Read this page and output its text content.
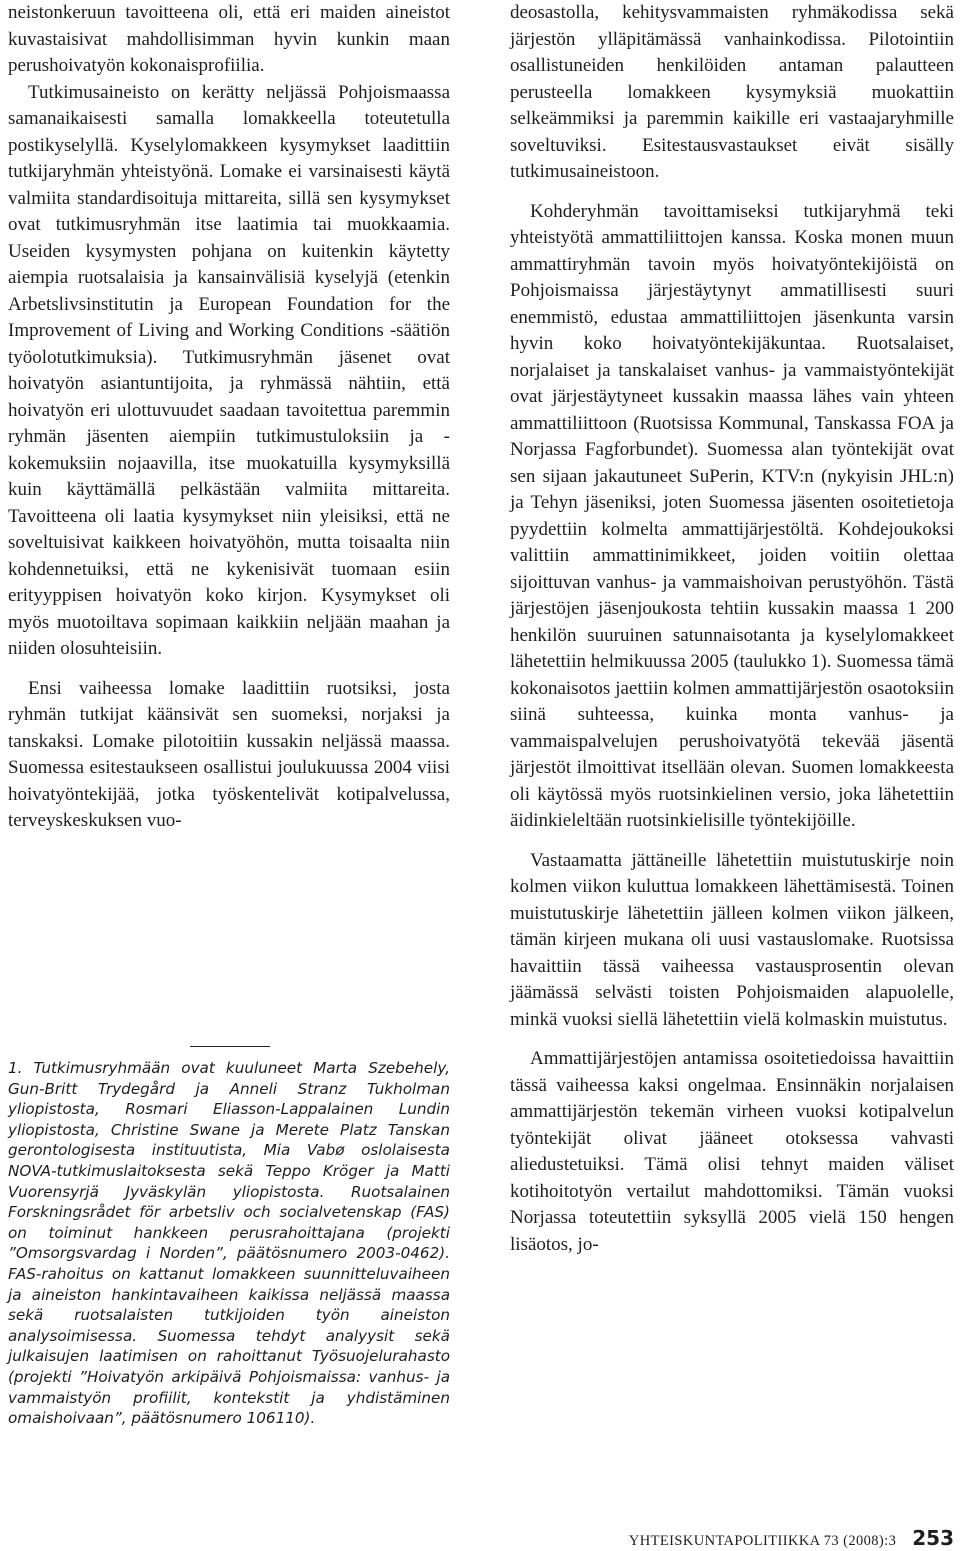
neistonkeruun tavoitteena oli, että eri maiden aineistot kuvastaisivat mahdollisimman hyvin kunkin maan perushoivatyön kokonaisprofiilia.

Tutkimusaineisto on kerätty neljässä Pohjoismaassa samanaikaisesti samalla lomakkeella toteutetulla postikyselyllä. Kyselylomakkeen kysymykset laadittiin tutkijaryhmän yhteistyönä. Lomake ei varsinaisesti käytä valmiita standardisoituja mittareita, sillä sen kysymykset ovat tutkimusryhmän itse laatimia tai muokkaamia. Useiden kysymysten pohjana on kuitenkin käytetty aiempia ruotsalaisia ja kansainvälisiä kyselyjä (etenkin Arbetslivsinstitutin ja European Foundation for the Improvement of Living and Working Conditions -säätiön työolotutkimuksia). Tutkimusryhmän jäsenet ovat hoivatyön asiantuntijoita, ja ryhmässä nähtiin, että hoivatyön eri ulottuvuudet saadaan tavoitettua paremmin ryhmän jäsenten aiempiin tutkimustuloksiin ja -kokemuksiin nojaavilla, itse muokatuilla kysymyksillä kuin käyttämällä pelkästään valmiita mittareita. Tavoitteena oli laatia kysymykset niin yleisiksi, että ne soveltuisivat kaikkeen hoivatyöhön, mutta toisaalta niin kohdennetuiksi, että ne kykenisivät tuomaan esiin erityyppisen hoivatyön koko kirjon. Kysymykset oli myös muotoiltava sopimaan kaikkiin neljään maahan ja niiden olosuhteisiin.

Ensi vaiheessa lomake laadittiin ruotsiksi, josta ryhmän tutkijat käänsivät sen suomeksi, norjaksi ja tanskaksi. Lomake pilotoitiin kussakin neljässä maassa. Suomessa esitestaukseen osallistui joulukuussa 2004 viisi hoivatyöntekijää, jotka työskentelivät kotipalvelussa, terveyskeskuksen vuo-

1. Tutkimusryhmään ovat kuuluneet Marta Szebehely, Gun-Britt Trydegård ja Anneli Stranz Tukholman yliopistosta, Rosmari Eliasson-Lappalainen Lundin yliopistosta, Christine Swane ja Merete Platz Tanskan gerontologisesta instituutista, Mia Vabø oslolaisesta NOVA-tutkimuslaitoksesta sekä Teppo Kröger ja Matti Vuorensyrjä Jyväskylän yliopistosta. Ruotsalainen Forskningsrådet för arbetsliv och socialvetenskap (FAS) on toiminut hankkeen perusrahoittajana (projekti ”Omsorgsvardag i Norden”, päätösnumero 2003-0462). FAS-rahoitus on kattanut lomakkeen suunnitteluvaiheen ja aineiston hankintavaiheen kaikissa neljässä maassa sekä ruotsalaisten tutkijoiden työn aineiston analysoimisessa. Suomessa tehdyt analyysit sekä julkaisujen laatimisen on rahoittanut Työsuojelurahasto (projekti ”Hoivatyön arkipäivä Pohjoismaissa: vanhus- ja vammaistyön profiilit, kontekstit ja yhdistäminen omaishoivaan”, päätösnumero 106110).

deosastolla, kehitysvammaisten ryhmäkodissa sekä järjestön ylläpitämässä vanhainkodissa. Pilotointiin osallistuneiden henkilöiden antaman palautteen perusteella lomakkeen kysymyksiä muokattiin selkeämmiksi ja paremmin kaikille eri vastaajaryhmille soveltuviksi. Esitestausvastaukset eivät sisälly tutkimusaineistoon.

Kohderyhmän tavoittamiseksi tutkijaryhmä teki yhteistyötä ammattiliittojen kanssa. Koska monen muun ammattiryhmän tavoin myös hoivatyöntekijöistä on Pohjoismaissa järjestäytynyt ammatillisesti suuri enemmistö, edustaa ammattiliittojen jäsenkunta varsin hyvin koko hoivatyöntekijäkuntaa. Ruotsalaiset, norjalaiset ja tanskalaiset vanhus- ja vammaistyöntekijät ovat järjestäytyneet kussakin maassa lähes vain yhteen ammattiliittoon (Ruotsissa Kommunal, Tanskassa FOA ja Norjassa Fagforbundet). Suomessa alan työntekijät ovat sen sijaan jakautuneet SuPerin, KTV:n (nykyisin JHL:n) ja Tehyn jäseniksi, joten Suomessa jäsenten osoitetietoja pyydettiin kolmelta ammattijärjestöltä. Kohdejoukoksi valittiin ammattinimikkeet, joiden voitiin olettaa sijoittuvan vanhus- ja vammaishoivan perustyöhön. Tästä järjestöjen jäsenjoukosta tehtiin kussakin maassa 1 200 henkilön suuruinen satunnaisotanta ja kyselylomakkeet lähetettiin helmikuussa 2005 (taulukko 1). Suomessa tämä kokonaisotos jaettiin kolmen ammattijärjestön osaotoksiin siinä suhteessa, kuinka monta vanhus- ja vammaispalvelujen perushoivatyötä tekevää jäsentä järjestöt ilmoittivat itsellään olevan. Suomen lomakkeesta oli käytössä myös ruotsinkielinen versio, joka lähetettiin äidinkieleltään ruotsinkielisille työntekijöille.

Vastaamatta jättäneille lähetettiin muistutuskirje noin kolmen viikon kuluttua lomakkeen lähettämisestä. Toinen muistutuskirje lähetettiin jälleen kolmen viikon jälkeen, tämän kirjeen mukana oli uusi vastauslomake. Ruotsissa havaittiin tässä vaiheessa vastausprosentin olevan jäämässä selvästi toisten Pohjoismaiden alapuolelle, minkä vuoksi siellä lähetettiin vielä kolmaskin muistutus.

Ammattijärjestöjen antamissa osoitetiedoissa havaittiin tässä vaiheessa kaksi ongelmaa. Ensinnäkin norjalaisen ammattijärjestön tekemän virheen vuoksi kotipalvelun työntekijät olivat jääneet otoksessa vahvasti aliedustetuiksi. Tämä olisi tehnyt maiden väliset kotihoitotyön vertailut mahdottomiksi. Tämän vuoksi Norjassa toteutettiin syksyllä 2005 vielä 150 hengen lisäotos, jo-

YHTEISKUNTAPOLITIIKKA 73 (2008):3 253
